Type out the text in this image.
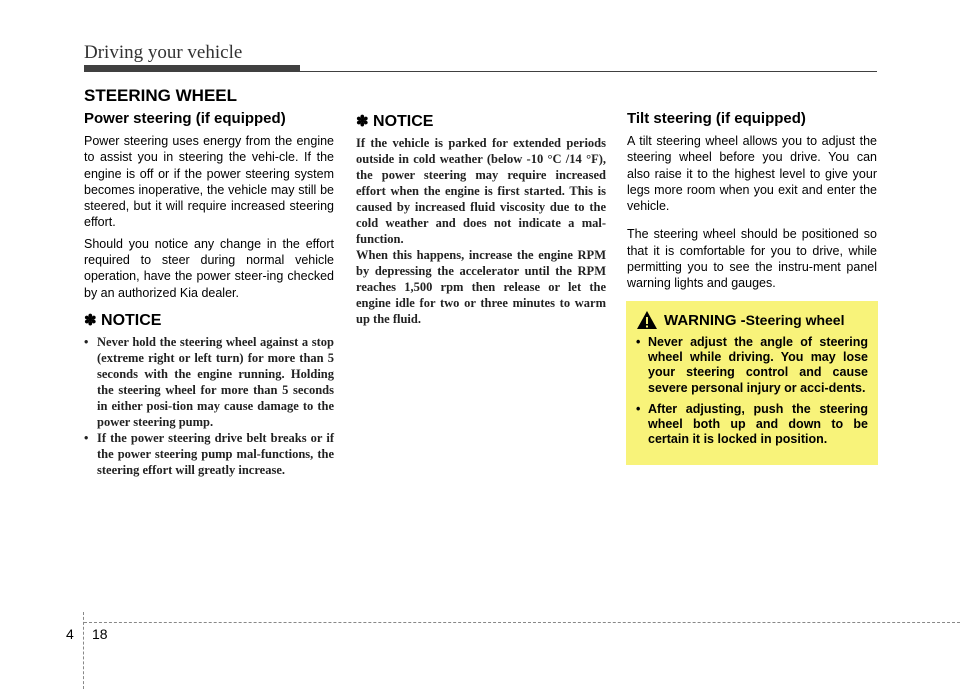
Driving your vehicle
STEERING WHEEL
Power steering (if equipped)

Power steering uses energy from the engine to assist you in steering the vehi-cle. If the engine is off or if the power steering system becomes inoperative, the vehicle may still be steered, but it will require increased steering effort.

Should you notice any change in the effort required to steer during normal vehicle operation, have the power steer-ing checked by an authorized Kia dealer.

✽ NOTICE
• Never hold the steering wheel against a stop (extreme right or left turn) for more than 5 seconds with the engine running. Holding the steering wheel for more than 5 seconds in either posi-tion may cause damage to the power steering pump.
• If the power steering drive belt breaks or if the power steering pump mal-functions, the steering effort will greatly increase.
✽ NOTICE

If the vehicle is parked for extended periods outside in cold weather (below -10 °C /14 °F), the power steering may require increased effort when the engine is first started. This is caused by increased fluid viscosity due to the cold weather and does not indicate a mal-function.

When this happens, increase the engine RPM by depressing the accelerator until the RPM reaches 1,500 rpm then release or let the engine idle for two or three minutes to warm up the fluid.

Tilt steering (if equipped)

A tilt steering wheel allows you to adjust the steering wheel before you drive. You can also raise it to the highest level to give your legs more room when you exit and enter the vehicle.

The steering wheel should be positioned so that it is comfortable for you to drive, while permitting you to see the instru-ment panel warning lights and gauges.

WARNING - Steering wheel
• Never adjust the angle of steering wheel while driving. You may lose your steering control and cause severe personal injury or acci-dents.
• After adjusting, push the steering wheel both up and down to be certain it is locked in position.
4 18
